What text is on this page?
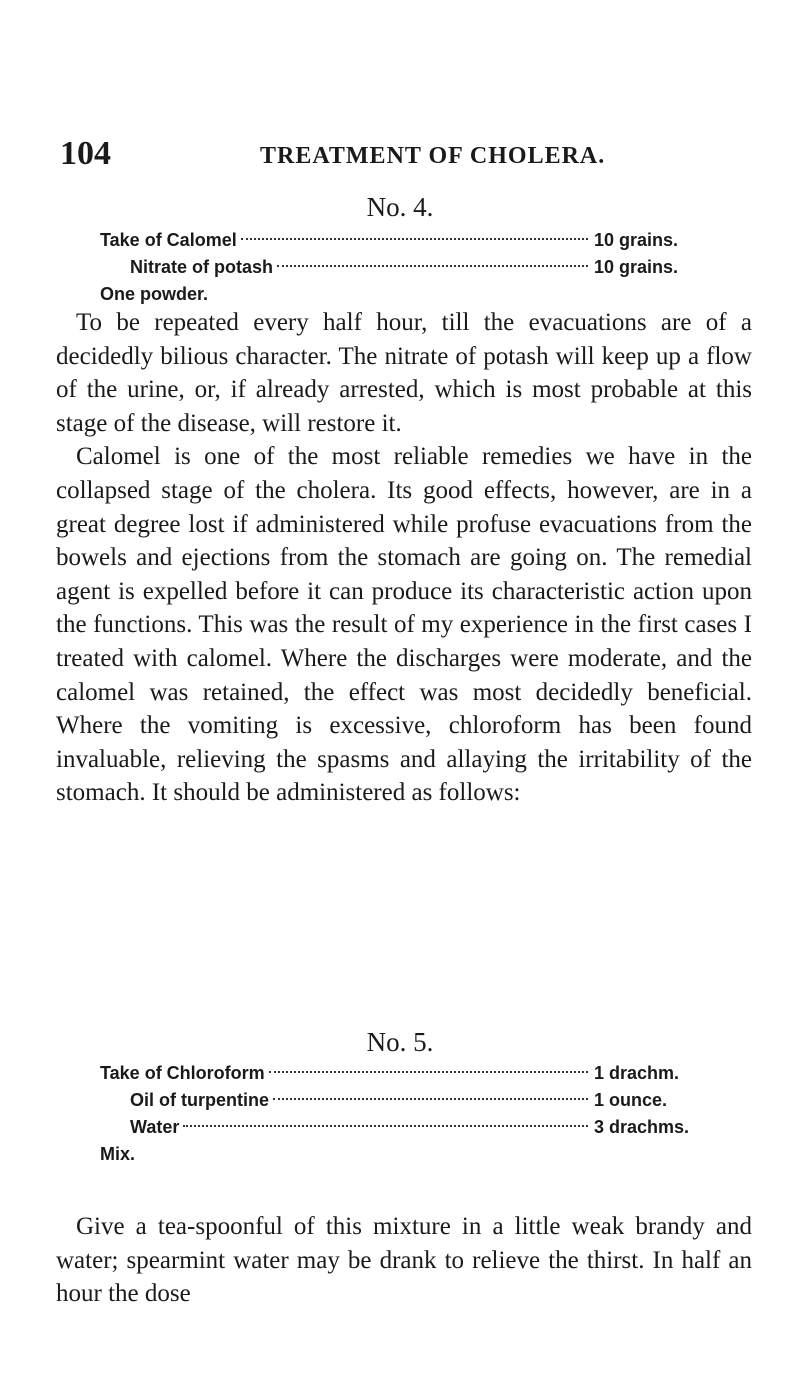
104	TREATMENT OF CHOLERA.
No. 4.
Take of Calomel	10 grains.
Nitrate of potash	10 grains.
One powder.

To be repeated every half hour, till the evacuations are of a decidedly bilious character. The nitrate of potash will keep up a flow of the urine, or, if already arrested, which is most probable at this stage of the disease, will restore it.

Calomel is one of the most reliable remedies we have in the collapsed stage of the cholera. Its good effects, however, are in a great degree lost if administered while profuse evacuations from the bowels and ejections from the stomach are going on. The remedial agent is expelled before it can produce its characteristic action upon the functions. This was the result of my experience in the first cases I treated with calomel. Where the discharges were moderate, and the calomel was retained, the effect was most decidedly beneficial. Where the vomiting is excessive, chloroform has been found invaluable, relieving the spasms and allaying the irritability of the stomach. It should be administered as follows:

No. 5.
Take of Chloroform	1 drachm.
Oil of turpentine	1 ounce.
Water	3 drachms.
Mix.

Give a tea-spoonful of this mixture in a little weak brandy and water; spearmint water may be drank to relieve the thirst. In half an hour the dose
